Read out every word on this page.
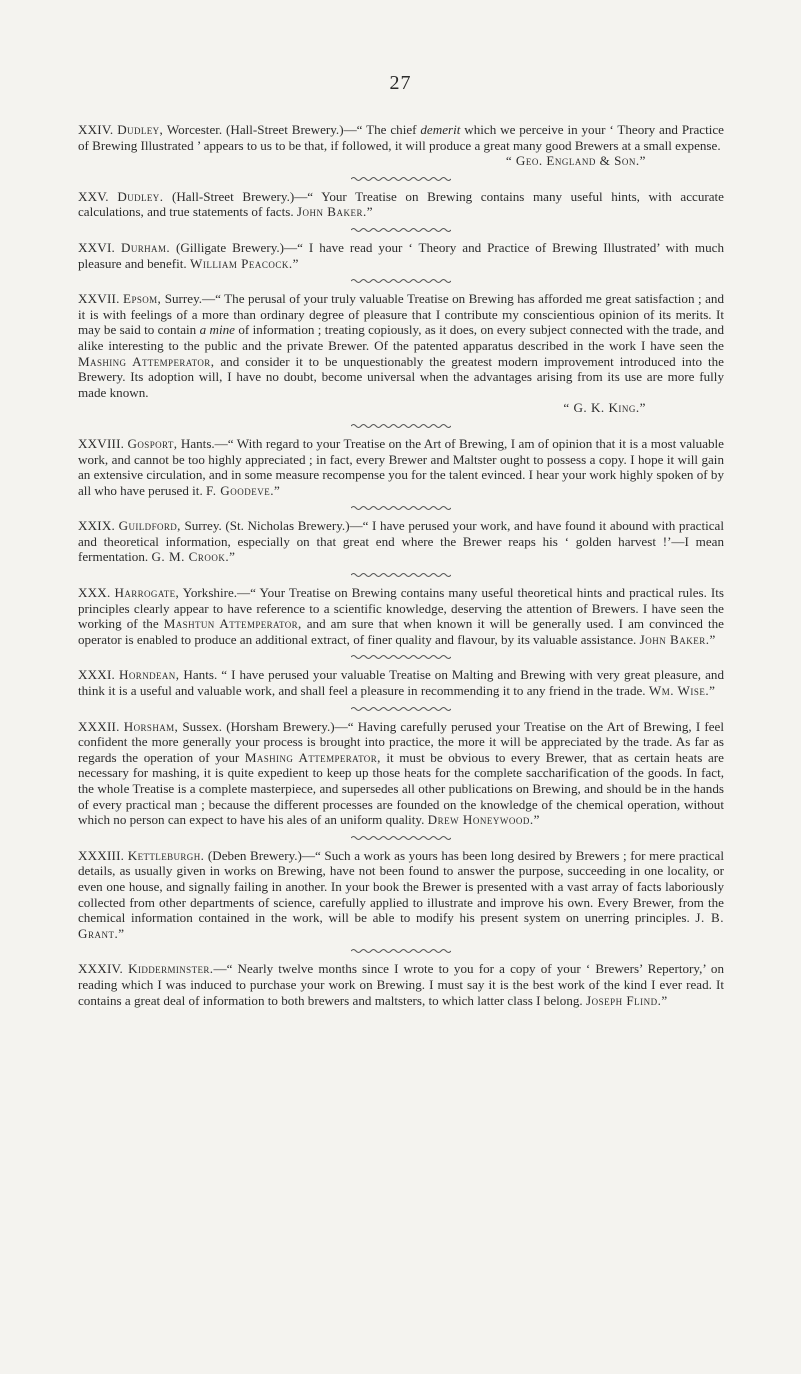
27

XXIV. Dudley, Worcester. (Hall-Street Brewery.)—“ The chief demerit which we perceive in your ‘ Theory and Practice of Brewing Illustrated ’ appears to us to be that, if followed, it will produce a great many good Brewers at a small expense.

“ Geo. England & Son.”

XXV. Dudley. (Hall-Street Brewery.)—“ Your Treatise on Brewing contains many useful hints, with accurate calculations, and true statements of facts. John Baker.”

XXVI. Durham. (Gilligate Brewery.)—“ I have read your ‘ Theory and Practice of Brewing Illustrated’ with much pleasure and benefit. William Peacock.”

XXVII. Epsom, Surrey.—“ The perusal of your truly valuable Treatise on Brewing has afforded me great satisfaction ; and it is with feelings of a more than ordinary degree of pleasure that I contribute my conscientious opinion of its merits. It may be said to contain a mine of information ; treating copiously, as it does, on every subject connected with the trade, and alike interesting to the public and the private Brewer. Of the patented apparatus described in the work I have seen the Mashing Attemperator, and consider it to be unquestionably the greatest modern improvement introduced into the Brewery. Its adoption will, I have no doubt, become universal when the advantages arising from its use are more fully made known.

“ G. K. King.”

XXVIII. Gosport, Hants.—“ With regard to your Treatise on the Art of Brewing, I am of opinion that it is a most valuable work, and cannot be too highly appreciated ; in fact, every Brewer and Maltster ought to possess a copy. I hope it will gain an extensive circulation, and in some measure recompense you for the talent evinced. I hear your work highly spoken of by all who have perused it. F. Goodeve.”

XXIX. Guildford, Surrey. (St. Nicholas Brewery.)—“ I have perused your work, and have found it abound with practical and theoretical information, especially on that great end where the Brewer reaps his ‘ golden harvest !’—I mean fermentation. G. M. Crook.”

XXX. Harrogate, Yorkshire.—“ Your Treatise on Brewing contains many useful theoretical hints and practical rules. Its principles clearly appear to have reference to a scientific knowledge, deserving the attention of Brewers. I have seen the working of the Mashtun Attemperator, and am sure that when known it will be generally used. I am convinced the operator is enabled to produce an additional extract, of finer quality and flavour, by its valuable assistance. John Baker.”

XXXI. Horndean, Hants. “ I have perused your valuable Treatise on Malting and Brewing with very great pleasure, and think it is a useful and valuable work, and shall feel a pleasure in recommending it to any friend in the trade. Wm. Wise.”

XXXII. Horsham, Sussex. (Horsham Brewery.)—“ Having carefully perused your Treatise on the Art of Brewing, I feel confident the more generally your process is brought into practice, the more it will be appreciated by the trade. As far as regards the operation of your Mashing Attemperator, it must be obvious to every Brewer, that as certain heats are necessary for mashing, it is quite expedient to keep up those heats for the complete saccharification of the goods. In fact, the whole Treatise is a complete masterpiece, and supersedes all other publications on Brewing, and should be in the hands of every practical man ; because the different processes are founded on the knowledge of the chemical operation, without which no person can expect to have his ales of an uniform quality. Drew Honeywood.”

XXXIII. Kettleburgh. (Deben Brewery.)—“ Such a work as yours has been long desired by Brewers ; for mere practical details, as usually given in works on Brewing, have not been found to answer the purpose, succeeding in one locality, or even one house, and signally failing in another. In your book the Brewer is presented with a vast array of facts laboriously collected from other departments of science, carefully applied to illustrate and improve his own. Every Brewer, from the chemical information contained in the work, will be able to modify his present system on unerring principles. J. B. Grant.”

XXXIV. Kidderminster.—“ Nearly twelve months since I wrote to you for a copy of your ‘ Brewers’ Repertory,’ on reading which I was induced to purchase your work on Brewing. I must say it is the best work of the kind I ever read. It contains a great deal of information to both brewers and maltsters, to which latter class I belong. Joseph Flind.”
